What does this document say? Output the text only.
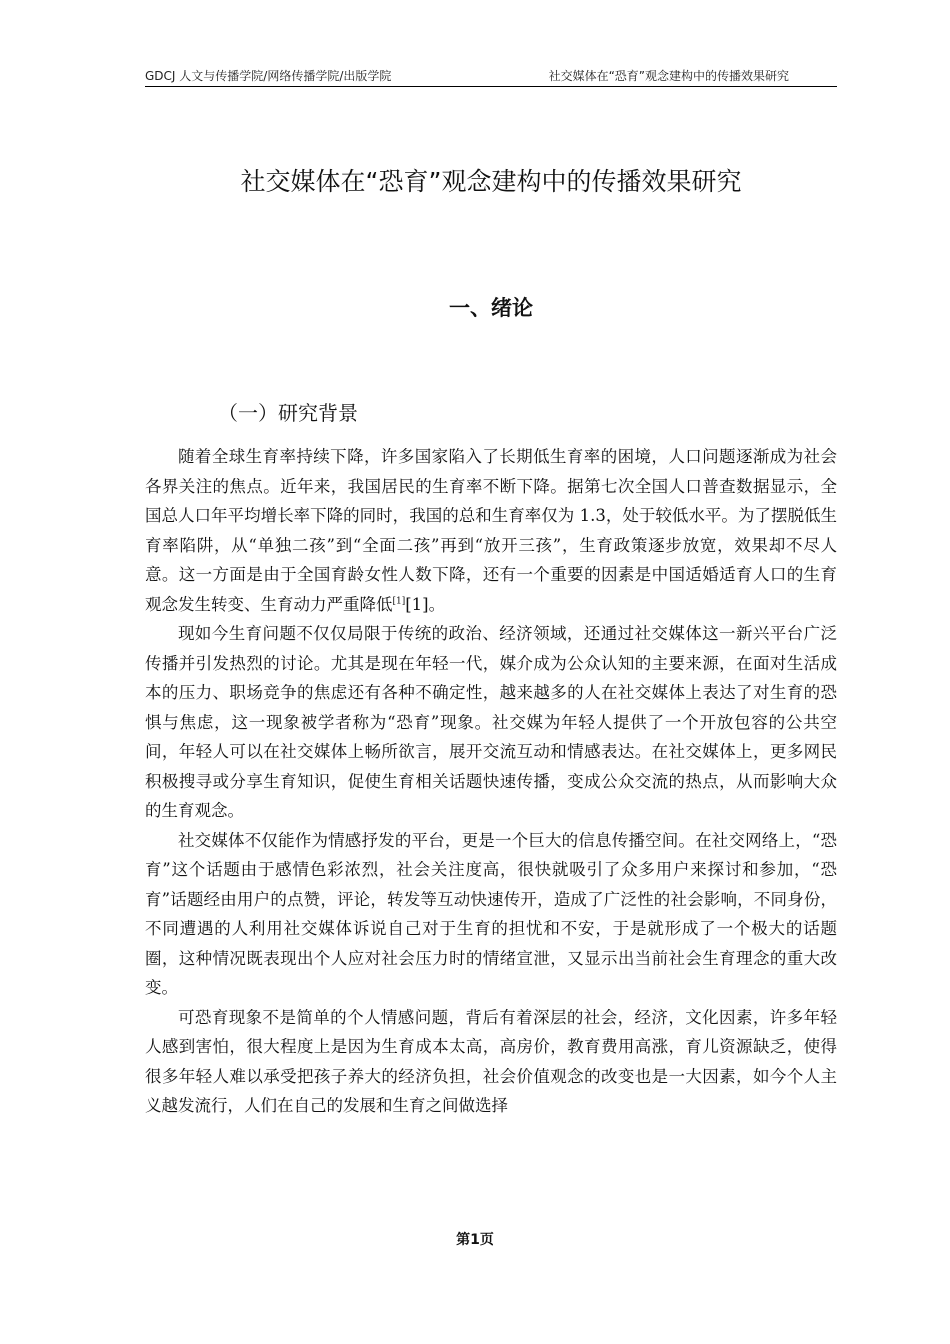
GDCJ 人文与传播学院/网络传播学院/出版学院	社交媒体在“恐育”观念建构中的传播效果研究
社交媒体在“恐育”观念建构中的传播效果研究
一、绪论
（一）研究背景

随着全球生育率持续下降，许多国家陷入了长期低生育率的困境，人口问题逐渐成为社会各界关注的焦点。近年来，我国居民的生育率不断下降。据第七次全国人口普查数据显示，全国总人口年平均增长率下降的同时，我国的总和生育率仅为 1.3，处于较低水平。为了摆脱低生育率陷阱，从“单独二孩”到“全面二孩”再到“放开三孩”，生育政策逐步放宽，效果却不尽人意。这一方面是由于全国育龄女性人数下降，还有一个重要的因素是中国适婚适育人口的生育观念发生转变、生育动力严重降低[1][1]。

现如今生育问题不仅仅局限于传统的政治、经济领域，还通过社交媒体这一新兴平台广泛传播并引发热烈的讨论。尤其是现在年轻一代，媒介成为公众认知的主要来源，在面对生活成本的压力、职场竞争的焦虑还有各种不确定性，越来越多的人在社交媒体上表达了对生育的恐惧与焦虑，这一现象被学者称为“恐育”现象。社交媒为年轻人提供了一个开放包容的公共空间，年轻人可以在社交媒体上畅所欲言，展开交流互动和情感表达。在社交媒体上，更多网民积极搜寻或分享生育知识，促使生育相关话题快速传播，变成公众交流的热点，从而影响大众的生育观念。

社交媒体不仅能作为情感抒发的平台，更是一个巨大的信息传播空间。在社交网络上，“恐育”这个话题由于感情色彩浓烈，社会关注度高，很快就吸引了众多用户来探讨和参加，“恐育”话题经由用户的点赞，评论，转发等互动快速传开，造成了广泛性的社会影响，不同身份，不同遭遇的人利用社交媒体诉说自己对于生育的担忧和不安，于是就形成了一个极大的话题圈，这种情况既表现出个人应对社会压力时的情绪宣泄，又显示出当前社会生育理念的重大改变。

可恐育现象不是简单的个人情感问题，背后有着深层的社会，经济，文化因素，许多年轻人感到害怕，很大程度上是因为生育成本太高，高房价，教育费用高涨，育儿资源缺乏，使得很多年轻人难以承受把孩子养大的经济负担，社会价值观念的改变也是一大因素，如今个人主义越发流行，人们在自己的发展和生育之间做选择

第1页
